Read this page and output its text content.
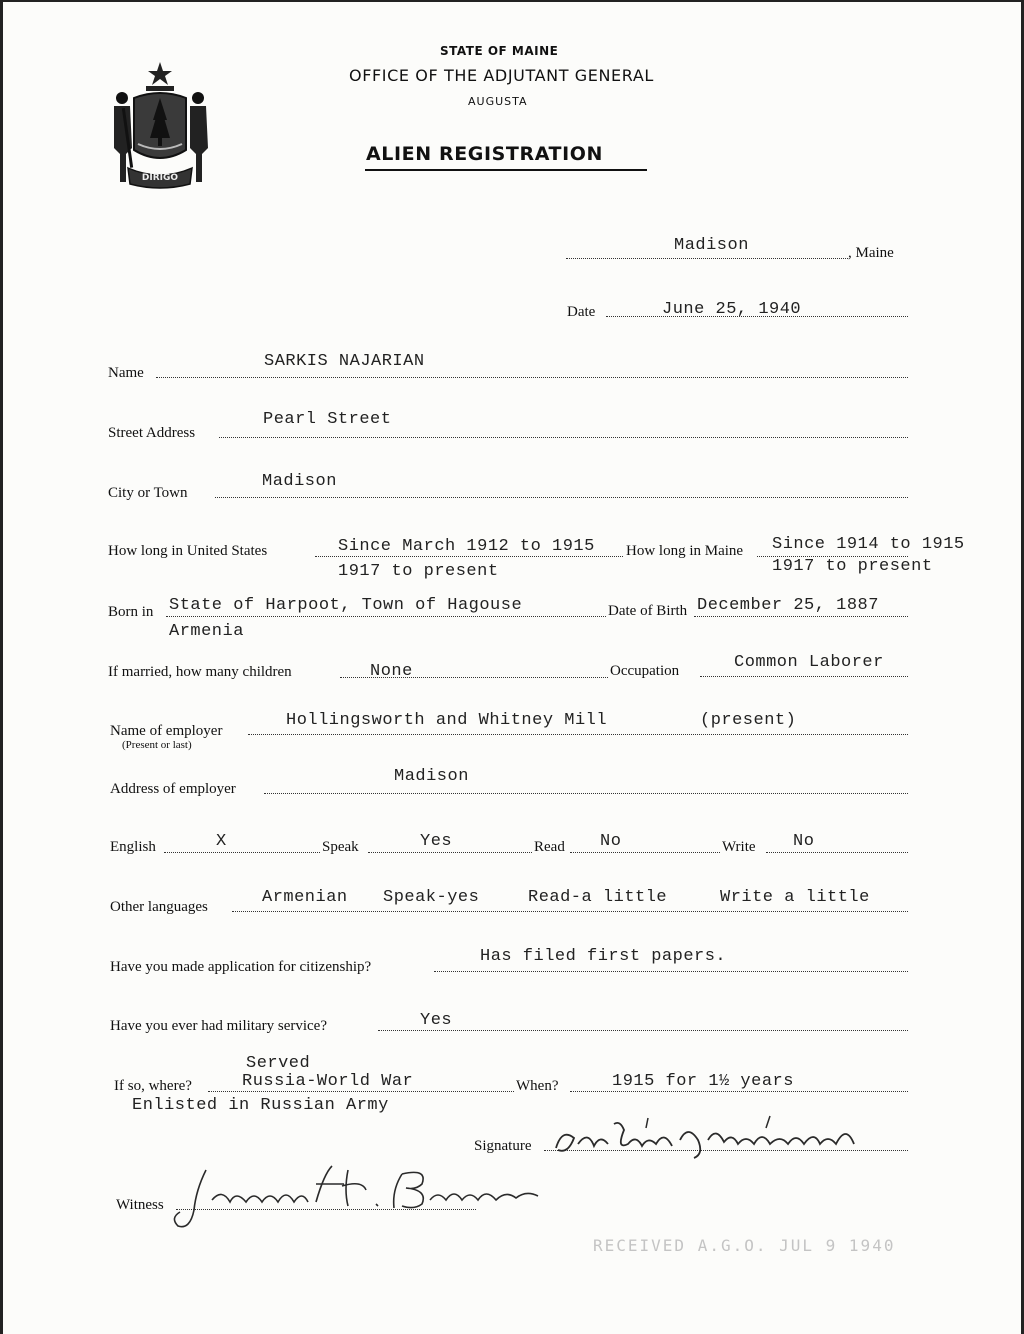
DIRIGO
STATE OF MAINE
OFFICE OF THE ADJUTANT GENERAL
AUGUSTA
ALIEN REGISTRATION
Madison	, Maine
Date	June 25, 1940
Name
SARKIS NAJARIAN
Street Address
Pearl Street
City or Town
Madison
How long in United States	Since March 1912 to 1915
1917 to present
How long in Maine Since 1914 to 1915
1917 to present
Born in State of Harpoot, Town of Hagouse
Armenia
Date of Birth December 25, 1887
If married, how many children	None	Occupation	Common Laborer
Name of employer
(Present or last)
Hollingsworth and Whitney Mill	(present)
Address of employer
Madison
English	X	Speak	Yes	Read No	Write No
Other languages	Armenian Speak-yes	Read-a little	Write a little
Have you made application for citizenship?
Has filed first papers.
Have you ever had military service?	Yes
Served
If so, where?	Russia-World War
Enlisted in Russian Army
When?	1915 for 1½ years
Signature
Witness
RECEIVED A.G.O. JUL 9 1940
